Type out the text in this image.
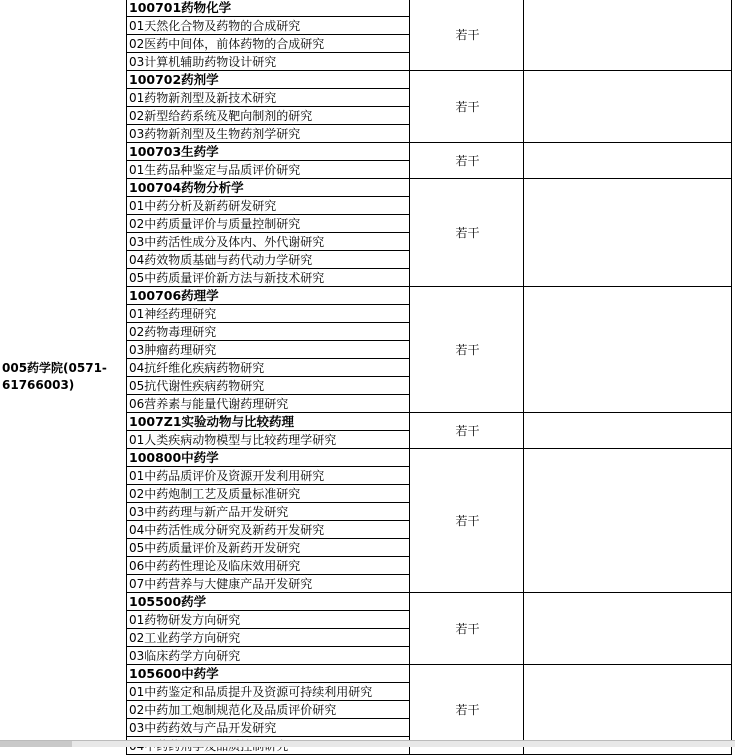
005药学院(0571-61766003)	100701药物化学	若干	
	01天然化合物及药物的合成研究		
	02医药中间体，前体药物的合成研究		
	03计算机辅助药物设计研究		
	100702药剂学	若干	
	01药物新剂型及新技术研究		
	02新型给药系统及靶向制剂的研究		
	03药物新剂型及生物药剂学研究		
	100703生药学	若干	
	01生药品种鉴定与品质评价研究		
	100704药物分析学	若干	
	01中药分析及新药研发研究		
	02中药质量评价与质量控制研究		
	03中药活性成分及体内、外代谢研究		
	04药效物质基础与药代动力学研究		
	05中药质量评价新方法与新技术研究		
	100706药理学	若干	
	01神经药理研究		
	02药物毒理研究		
	03肿瘤药理研究		
	04抗纤维化疾病药物研究		
	05抗代谢性疾病药物研究		
	06营养素与能量代谢药理研究		
	1007Z1实验动物与比较药理	若干	
	01人类疾病动物模型与比较药理学研究		
	100800中药学	若干	
	01中药品质评价及资源开发利用研究		
	02中药炮制工艺及质量标准研究		
	03中药药理与新产品开发研究		
	04中药活性成分研究及新药开发研究		
	05中药质量评价及新药开发研究		
	06中药药性理论及临床效用研究		
	07中药营养与大健康产品开发研究		
	105500药学	若干	
	01药物研发方向研究		
	02工业药学方向研究		
	03临床药学方向研究		
	105600中药学	若干	
	01中药鉴定和品质提升及资源可持续利用研究		
	02中药加工炮制规范化及品质评价研究		
	03中药药效与产品开发研究		
